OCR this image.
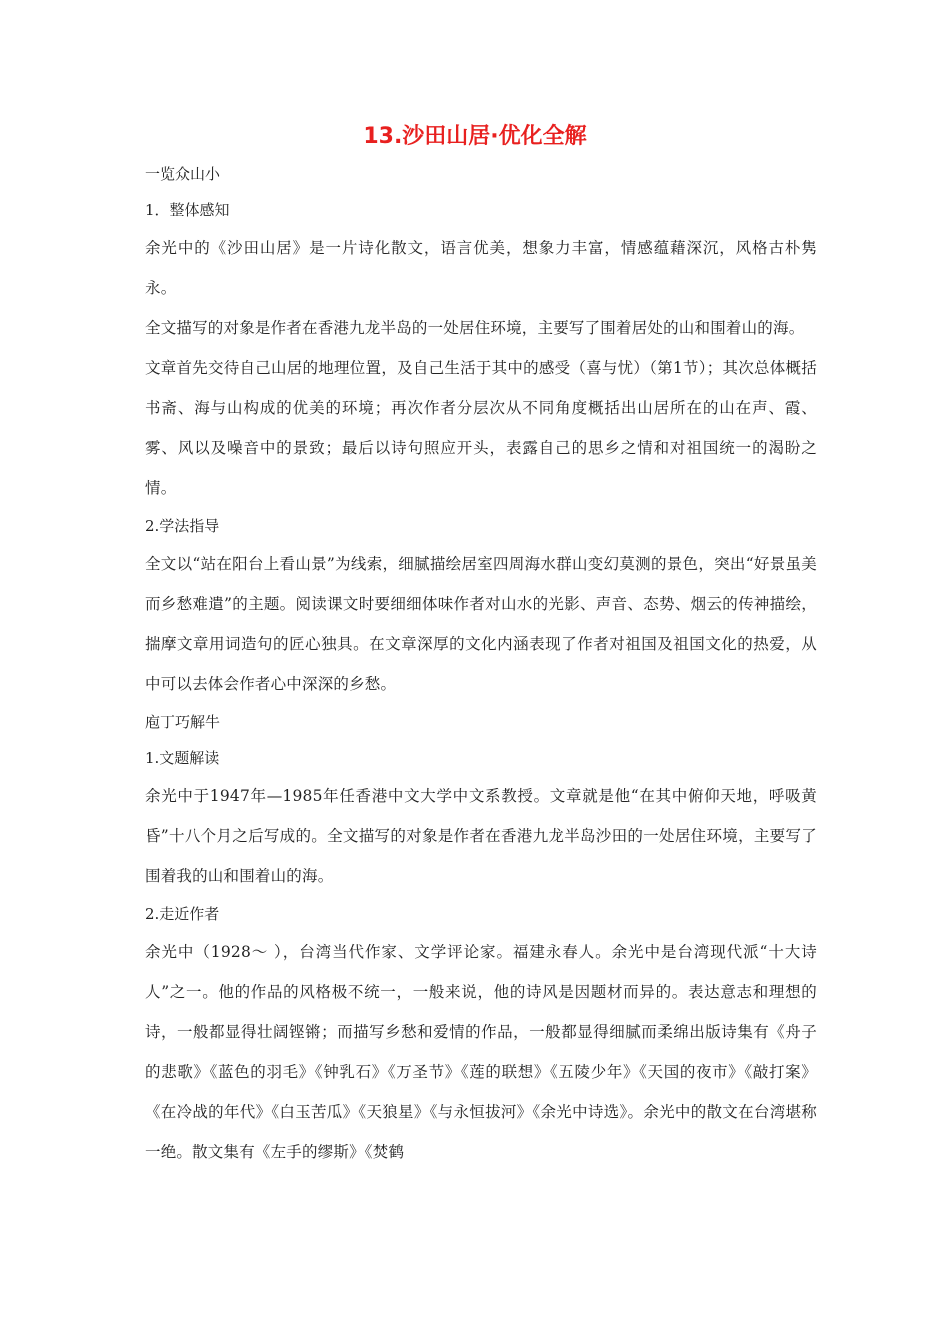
13.沙田山居·优化全解
一览众山小
1．整体感知

余光中的《沙田山居》是一片诗化散文，语言优美，想象力丰富，情感蕴藉深沉，风格古朴隽永。

全文描写的对象是作者在香港九龙半岛的一处居住环境，主要写了围着居处的山和围着山的海。

文章首先交待自己山居的地理位置，及自己生活于其中的感受（喜与忧）（第1节）；其次总体概括书斋、海与山构成的优美的环境；再次作者分层次从不同角度概括出山居所在的山在声、霞、雾、风以及噪音中的景致；最后以诗句照应开头，表露自己的思乡之情和对祖国统一的渴盼之情。

2.学法指导

全文以“站在阳台上看山景”为线索，细腻描绘居室四周海水群山变幻莫测的景色，突出“好景虽美而乡愁难遣”的主题。阅读课文时要细细体味作者对山水的光影、声音、态势、烟云的传神描绘，揣摩文章用词造句的匠心独具。在文章深厚的文化内涵表现了作者对祖国及祖国文化的热爱，从中可以去体会作者心中深深的乡愁。

庖丁巧解牛
1.文题解读

余光中于1947年—1985年任香港中文大学中文系教授。文章就是他“在其中俯仰天地，呼吸黄昏”十八个月之后写成的。全文描写的对象是作者在香港九龙半岛沙田的一处居住环境，主要写了围着我的山和围着山的海。

2.走近作者

余光中（1928～ ），台湾当代作家、文学评论家。福建永春人。余光中是台湾现代派“十大诗人”之一。他的作品的风格极不统一，一般来说，他的诗风是因题材而异的。表达意志和理想的诗，一般都显得壮阔铿锵；而描写乡愁和爱情的作品，一般都显得细腻而柔绵出版诗集有《舟子的悲歌》《蓝色的羽毛》《钟乳石》《万圣节》《莲的联想》《五陵少年》《天国的夜市》《敲打案》《在冷战的年代》《白玉苦瓜》《天狼星》《与永恒拔河》《余光中诗选》。余光中的散文在台湾堪称一绝。散文集有《左手的缪斯》《焚鹤
